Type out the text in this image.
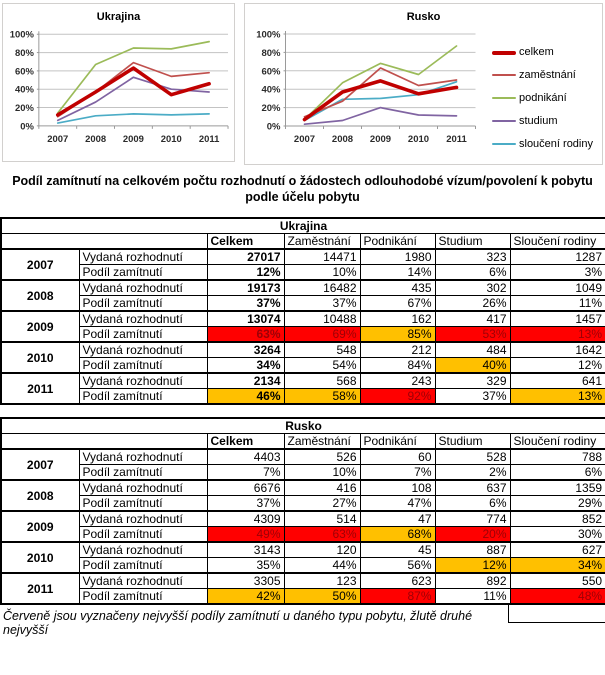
Ukrajina
0%
20%
40%
60%
80%
100%
2007 2008 2009 2010 2011
Rusko
0%
20%
40%
60%
80%
100%
2007 2008 2009 2010 2011
celkem
zaměstnání
podnikání
studium
sloučení rodiny
Podíl zamítnutí na celkovém počtu rozhodnutí o žádostech odlouhodobé vízum/povolení k pobytu podle účelu pobytu
Ukrajina						
		Celkem	Zaměstnání	Podnikání	Studium	Sloučení rodiny
2007	Vydaná rozhodnutí	27017	14471	1980	323	1287
	Podíl zamítnutí	12%	10%	14%	6%	3%
2008	Vydaná rozhodnutí	19173	16482	435	302	1049
	Podíl zamítnutí	37%	37%	67%	26%	11%
2009	Vydaná rozhodnutí	13074	10488	162	417	1457
	Podíl zamítnutí	63%	69%	85%	53%	13%
2010	Vydaná rozhodnutí	3264	548	212	484	1642
	Podíl zamítnutí	34%	54%	84%	40%	12%
2011	Vydaná rozhodnutí	2134	568	243	329	641
	Podíl zamítnutí	46%	58%	92%	37%	13%
Rusko						
		Celkem	Zaměstnání	Podnikání	Studium	Sloučení rodiny
2007	Vydaná rozhodnutí	4403	526	60	528	788
	Podíl zamítnutí	7%	10%	7%	2%	6%
2008	Vydaná rozhodnutí	6676	416	108	637	1359
	Podíl zamítnutí	37%	27%	47%	6%	29%
2009	Vydaná rozhodnutí	4309	514	47	774	852
	Podíl zamítnutí	49%	63%	68%	20%	30%
2010	Vydaná rozhodnutí	3143	120	45	887	627
	Podíl zamítnutí	35%	44%	56%	12%	34%
2011	Vydaná rozhodnutí	3305	123	623	892	550
	Podíl zamítnutí	42%	50%	87%	11%	48%
Červeně jsou vyznačeny nejvyšší podíly zamítnutí u daného typu pobytu, žlutě druhé nejvyšší
